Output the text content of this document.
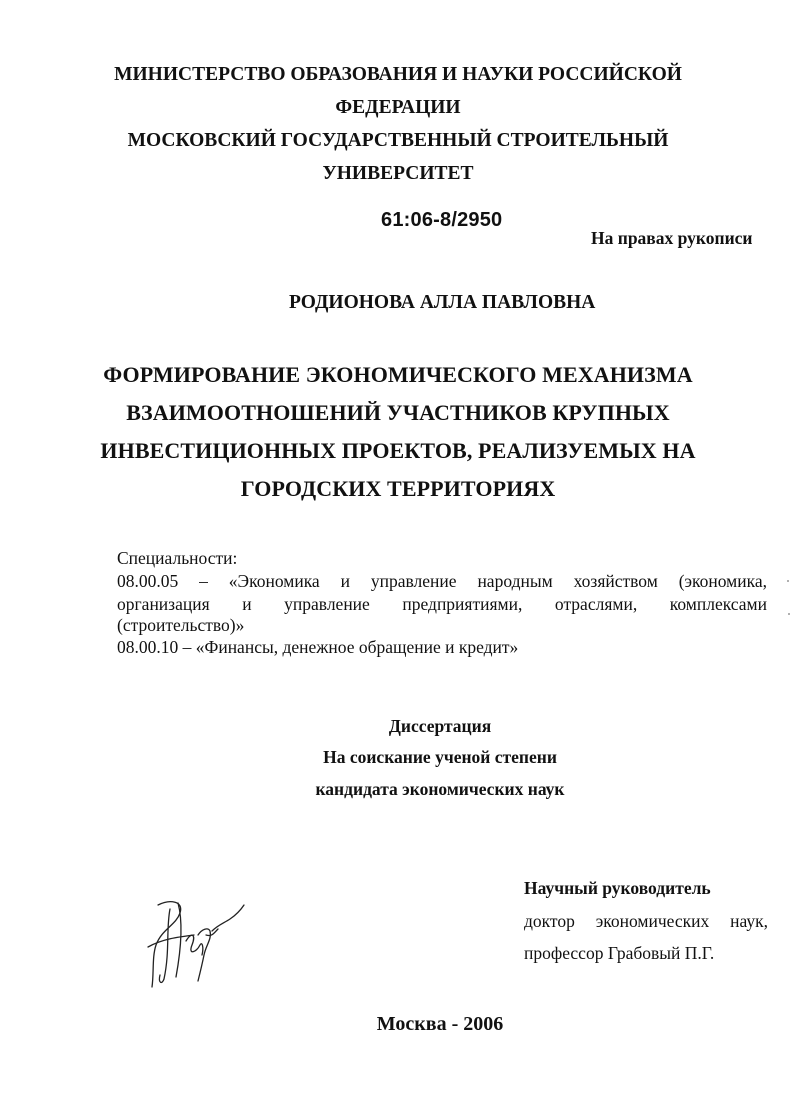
МИНИСТЕРСТВО ОБРАЗОВАНИЯ И НАУКИ РОССИЙСКОЙ
ФЕДЕРАЦИИ
МОСКОВСКИЙ ГОСУДАРСТВЕННЫЙ СТРОИТЕЛЬНЫЙ
УНИВЕРСИТЕТ
61:06-8/2950
На правах рукописи
РОДИОНОВА АЛЛА ПАВЛОВНА
ФОРМИРОВАНИЕ ЭКОНОМИЧЕСКОГО МЕХАНИЗМА
ВЗАИМООТНОШЕНИЙ УЧАСТНИКОВ КРУПНЫХ
ИНВЕСТИЦИОННЫХ ПРОЕКТОВ, РЕАЛИЗУЕМЫХ НА
ГОРОДСКИХ ТЕРРИТОРИЯХ
Специальности:
08.00.05 – «Экономика и управление народным хозяйством (экономика,
организация и управление предприятиями, отраслями, комплексами
(строительство)»
08.00.10 – «Финансы, денежное обращение и кредит»
Диссертация
На соискание ученой степени
кандидата экономических наук
Научный руководитель
доктор экономических наук,
профессор Грабовый П.Г.
Москва - 2006
